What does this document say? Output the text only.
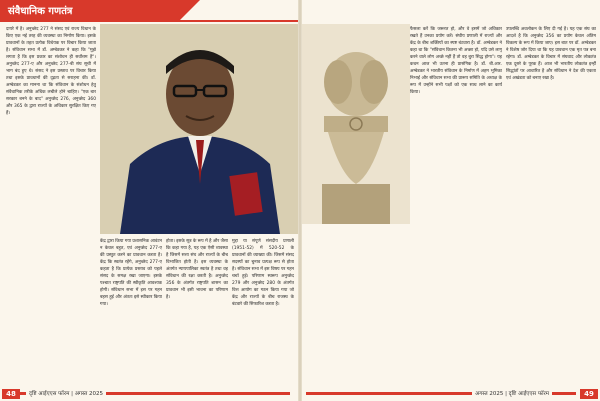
संवैधानिक गणतंत्र
दायरे में है। अनुच्छेद 277 ने संसद एवं राज्य विधान के किए एक नई तरह की व्यवस्था का निर्माण किया। इसके प्रावधानों के तहत प्रत्येक विधेयक पर विचार किया जाता है। संविधान सभा में डॉ. अम्बेडकर ने कहा कि "मुझे लगता है कि इस प्रकार का संशोधन ही सर्वोत्तम है"। अनुच्छेद 277-ए और अनुच्छेद 277-बी संघ सूची में भाग बंद हुए थे। संसद ने इस प्रस्ताव पर विचार किया तथा इसके प्रावधानों की दृढ़ता से सराहना की। डॉ. अम्बेडकर का मानना था कि संविधान के संशोधन हेतु संवैधानिक तरीके अधिक लचीले होने चाहिए। "एक बार सरकार बनने के बाद" अनुच्छेद 276, अनुच्छेद 360 और 365 के द्वारा राज्यों के अधिकार सुरक्षित किए गए हैं।
केंद्र द्वारा किया गया प्रशासनिक आवंटन न केवल बहुत, एवं अनुच्छेद 277-ए की प्रस्तुत करने का प्रावधान करता है। केंद्र कि स्वतंत्र रहेंगे, अनुच्छेद 277-ए कहता है कि प्रत्येक प्रस्ताव को पहले संसद के समक्ष रखा जाएगा। इसके पश्चात राष्ट्रपति की स्वीकृति आवश्यक होगी। संविधान सभा में इस पर गहन बहस हुई और अंततः इसे स्वीकार किया गया।
होता। इसके सूत्र के रूप में है और जैसा कि कहा गया है, यह एक ऐसी व्यवस्था है जिसमें सत्ता संघ और राज्यों के बीच विभाजित होती है। इस व्यवस्था के अंतर्गत न्यायपालिका स्वतंत्र है तथा वह संविधान की रक्षा करती है। अनुच्छेद 356 के अंतर्गत राष्ट्रपति शासन का प्रावधान भी इसी भावना का परिणाम है।
मुद्दा या संपूर्ण संसदीय प्रणाली (1951-52) में 520-52 के प्रावधानों की व्याख्या की। जिसमें संसद सदस्यों का चुनाव प्रत्यक्ष रूप से होता है। संविधान सभा में इस विषय पर गहन चर्चा हुई। परिणाम स्वरूप अनुच्छेद 279 और अनुच्छेद 280 के अंतर्गत वित्त आयोग का गठन किया गया जो केंद्र और राज्यों के बीच राजस्व के बंटवारे की सिफारिश करता है।
48	दृष्टि आईएएस फॉरम | अगस्त 2025
फैसला करें कि जरूरत हो, और वे इसमें जो अधिकार रखते हैं उनका प्रयोग करें। संघीय प्रणाली में राज्यों और केंद्र के बीच शक्तियों का स्पष्ट बंटवारा है। डॉ. अम्बेडकर ने कहा था कि "संविधान कितना भी अच्छा हो, यदि उसे लागू करने वाले लोग अच्छे नहीं हैं तो वह बुरा सिद्ध होगा"। यह कथन आज भी उतना ही प्रासंगिक है। डॉ. बी.आर. अम्बेडकर ने भारतीय संविधान के निर्माण में अहम भूमिका निभाई और संविधान सभा की प्रारूप समिति के अध्यक्ष के रूप में उन्होंने सभी पक्षों को एक साथ लाने का कार्य किया।
उपलब्धि अवलोकन के लिए दी गई है। यह एक संघ का आदर्श है कि अनुच्छेद 356 का प्रयोग केवल अंतिम विकल्प के रूप में किया जाए। इस बात पर डॉ. अम्बेडकर ने विशेष जोर दिया था कि यह प्रावधान एक मृत पत्र बना रहेगा। डॉ. अम्बेडकर के विचार में संघवाद और लोकतंत्र एक दूसरे के पूरक हैं। आज भी भारतीय लोकतंत्र इन्हीं सिद्धांतों पर आधारित है और संविधान ने देश की एकता एवं अखंडता को बनाए रखा है।
अगस्त 2025 | दृष्टि आईएएस फॉरम	49
